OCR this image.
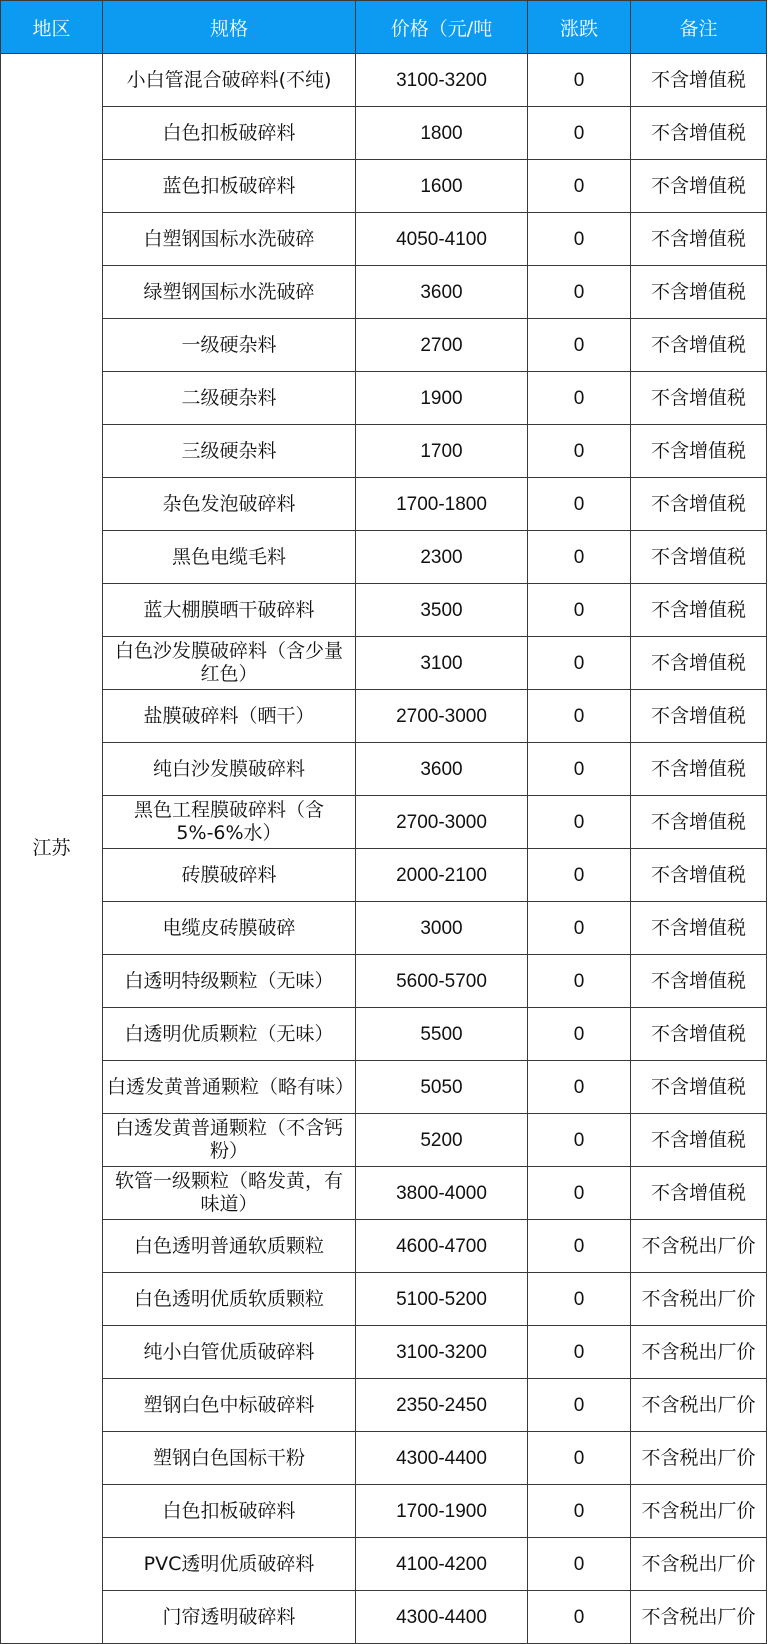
地区	规格	价格（元/吨	涨跌	备注
江苏	小白管混合破碎料(不纯)	3100-3200	0	不含增值税
	白色扣板破碎料	1800	0	不含增值税
	蓝色扣板破碎料	1600	0	不含增值税
	白塑钢国标水洗破碎	4050-4100	0	不含增值税
	绿塑钢国标水洗破碎	3600	0	不含增值税
	一级硬杂料	2700	0	不含增值税
	二级硬杂料	1900	0	不含增值税
	三级硬杂料	1700	0	不含增值税
	杂色发泡破碎料	1700-1800	0	不含增值税
	黑色电缆毛料	2300	0	不含增值税
	蓝大棚膜晒干破碎料	3500	0	不含增值税
	白色沙发膜破碎料（含少量红色）	3100	0	不含增值税
	盐膜破碎料（晒干）	2700-3000	0	不含增值税
	纯白沙发膜破碎料	3600	0	不含增值税
	黑色工程膜破碎料（含5%-6%水）	2700-3000	0	不含增值税
	砖膜破碎料	2000-2100	0	不含增值税
	电缆皮砖膜破碎	3000	0	不含增值税
	白透明特级颗粒（无味）	5600-5700	0	不含增值税
	白透明优质颗粒（无味）	5500	0	不含增值税
	白透发黄普通颗粒（略有味）	5050	0	不含增值税
	白透发黄普通颗粒（不含钙粉）	5200	0	不含增值税
	软管一级颗粒（略发黄，有味道）	3800-4000	0	不含增值税
	白色透明普通软质颗粒	4600-4700	0	不含税出厂价
	白色透明优质软质颗粒	5100-5200	0	不含税出厂价
	纯小白管优质破碎料	3100-3200	0	不含税出厂价
	塑钢白色中标破碎料	2350-2450	0	不含税出厂价
	塑钢白色国标干粉	4300-4400	0	不含税出厂价
	白色扣板破碎料	1700-1900	0	不含税出厂价
	PVC透明优质破碎料	4100-4200	0	不含税出厂价
	门帘透明破碎料	4300-4400	0	不含税出厂价
